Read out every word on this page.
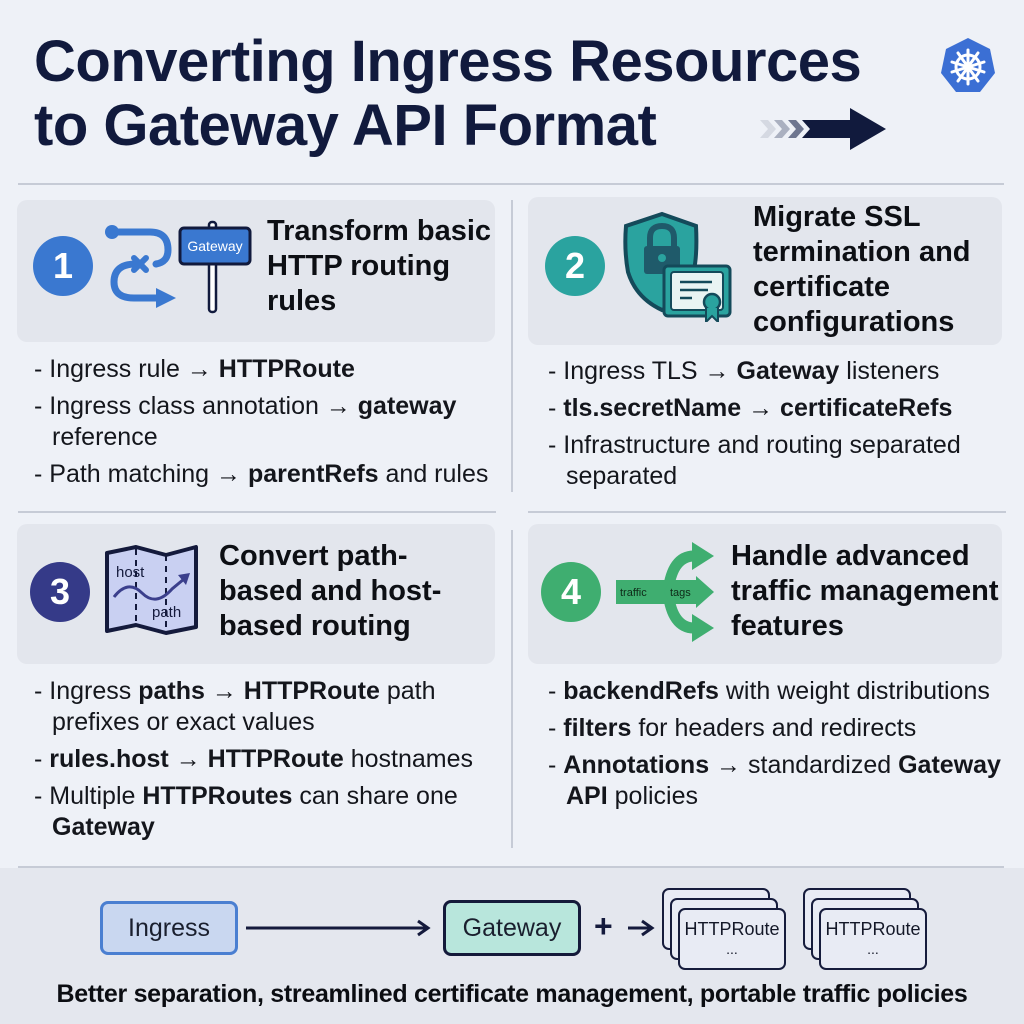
Converting Ingress Resources
to Gateway API Format
1	Gateway Transform basic HTTP routing rules
- Ingress rule → HTTPRoute
- Ingress class annotation → gateway reference
- Path matching → parentRefs and rules
2
Migrate SSL termination and certificate configurations
- Ingress TLS → Gateway listeners
- tls.secretName → certificateRefs
- Infrastructure and routing separated separated
3	host
path
Convert path-based and host-based routing
- Ingress paths → HTTPRoute path prefixes or exact values
- rules.host → HTTPRoute hostnames
- Multiple HTTPRoutes can share one Gateway
4	traffic tags
Handle advanced traffic management features
- backendRefs with weight distributions
- filters for headers and redirects
- Annotations → standardized Gateway API policies
Ingress	Gateway	+	HTTPRoute
...
HTTPRoute
...
Better separation, streamlined certificate management, portable traffic policies
